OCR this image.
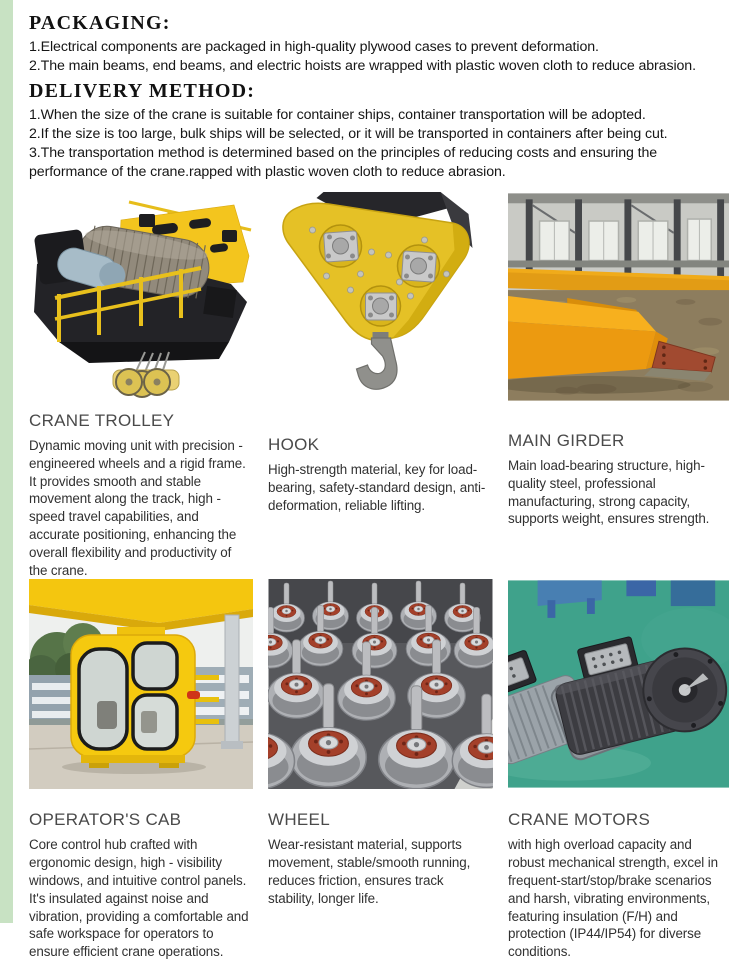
PACKAGING:

1.Electrical components are packaged in high-quality plywood cases to prevent deformation.

2.The main beams, end beams, and electric hoists are wrapped with plastic woven cloth to reduce abrasion.

DELIVERY METHOD:

1.When the size of the crane is suitable for container ships, container transportation will be adopted.

2.If the size is too large, bulk ships will be selected, or it will be transported in containers after being cut.

3.The transportation method is determined based on the principles of reducing costs and ensuring the performance of the crane.rapped with plastic woven cloth to reduce abrasion.

CRANE TROLLEY
Dynamic moving unit with precision - engineered wheels and a rigid frame. It provides smooth and stable movement along the track, high - speed travel capabilities, and accurate positioning, enhancing the overall flexibility and productivity of the crane.
HOOK
High-strength material, key for load-bearing, safety-standard design, anti-deformation, reliable lifting.
MAIN GIRDER
Main load-bearing structure, high-quality steel, professional manufacturing, strong capacity, supports weight, ensures strength.
OPERATOR'S CAB
Core control hub crafted with ergonomic design, high - visibility windows, and intuitive control panels. It's insulated against noise and vibration, providing a comfortable and safe workspace for operators to ensure efficient crane operations.
WHEEL
Wear-resistant material, supports movement, stable/smooth running, reduces friction, ensures track stability, longer life.
CRANE MOTORS
with high overload capacity and robust mechanical strength, excel in frequent-start/stop/brake scenarios and harsh, vibrating environments, featuring insulation (F/H) and protection (IP44/IP54) for diverse conditions.
